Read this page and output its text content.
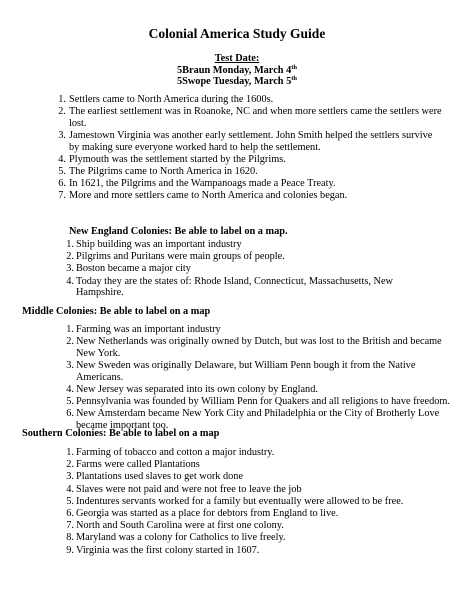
Colonial America Study Guide
Test Date:
5Braun Monday, March 4th
5Swope Tuesday, March 5th
1. Settlers came to North America during the 1600s.
2. The earliest settlement was in Roanoke, NC and when more settlers came the settlers were lost.
3. Jamestown Virginia was another early settlement. John Smith helped the settlers survive by making sure everyone worked hard to help the settlement.
4. Plymouth was the settlement started by the Pilgrims.
5. The Pilgrims came to North America in 1620.
6. In 1621, the Pilgrims and the Wampanoags made a Peace Treaty.
7. More and more settlers came to North America and colonies began.
New England Colonies: Be able to label on a map.
1. Ship building was an important industry
2. Pilgrims and Puritans were main groups of people.
3. Boston became a major city
4. Today they are the states of: Rhode Island, Connecticut, Massachusetts, New Hampshire.
Middle Colonies: Be able to label on a map
1. Farming was an important industry
2. New Netherlands was originally owned by Dutch, but was lost to the British and became New York.
3. New Sweden was originally Delaware, but William Penn bough it from the Native Americans.
4. New Jersey was separated into its own colony by England.
5. Pennsylvania was founded by William Penn for Quakers and all religions to have freedom.
6. New Amsterdam became New York City and Philadelphia or the City of Brotherly Love became important too.
Southern Colonies: Be able to label on a map
1. Farming of tobacco and cotton a major industry.
2. Farms were called Plantations
3. Plantations used slaves to get work done
4. Slaves were not paid and were not free to leave the job
5. Indentures servants worked for a family but eventually were allowed to be free.
6. Georgia was started as a place for debtors from England to live.
7. North and South Carolina were at first one colony.
8. Maryland was a colony for Catholics to live freely.
9. Virginia was the first colony started in 1607.
